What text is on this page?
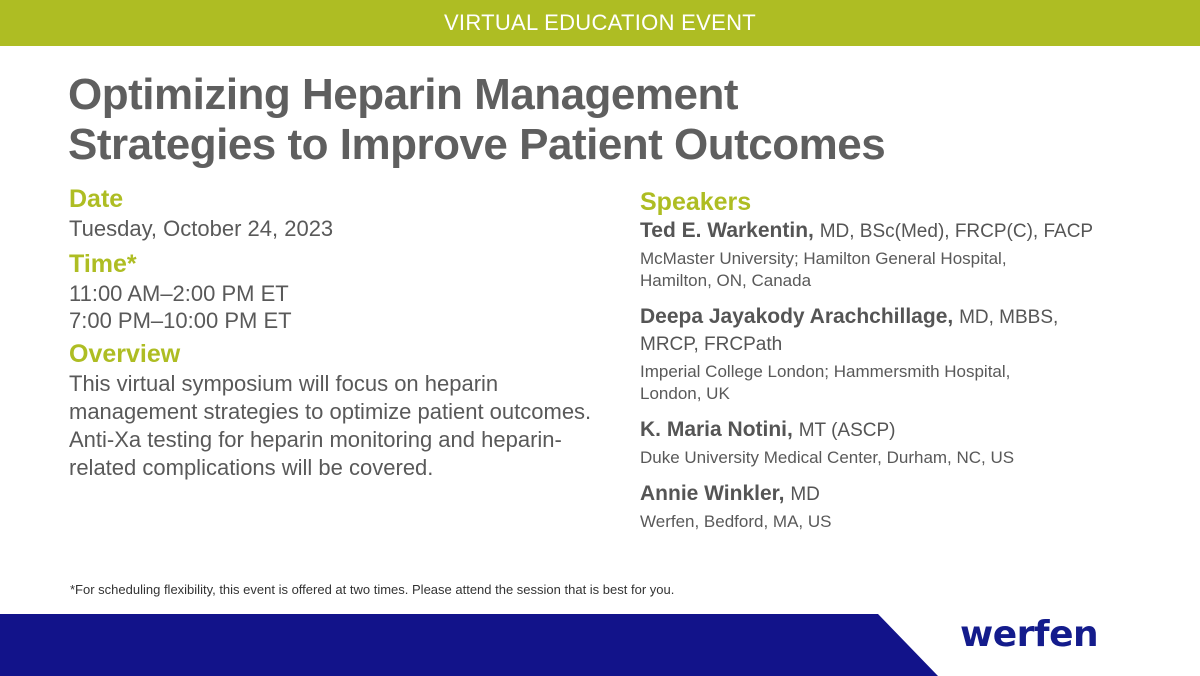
VIRTUAL EDUCATION EVENT
Optimizing Heparin Management
Strategies to Improve Patient Outcomes
Date
Tuesday, October 24, 2023
Time*
11:00 AM–2:00 PM ET
7:00 PM–10:00 PM ET
Overview

This virtual symposium will focus on heparin management strategies to optimize patient outcomes. Anti-Xa testing for heparin monitoring and heparin-related complications will be covered.

Speakers
Ted E. Warkentin, MD, BSc(Med), FRCP(C), FACP
McMaster University; Hamilton General Hospital,
Hamilton, ON, Canada
Deepa Jayakody Arachchillage, MD, MBBS,
MRCP, FRCPath
Imperial College London; Hammersmith Hospital,
London, UK
K. Maria Notini, MT (ASCP)
Duke University Medical Center, Durham, NC, US
Annie Winkler, MD
Werfen, Bedford, MA, US
*For scheduling flexibility, this event is offered at two times. Please attend the session that is best for you.
werfen
